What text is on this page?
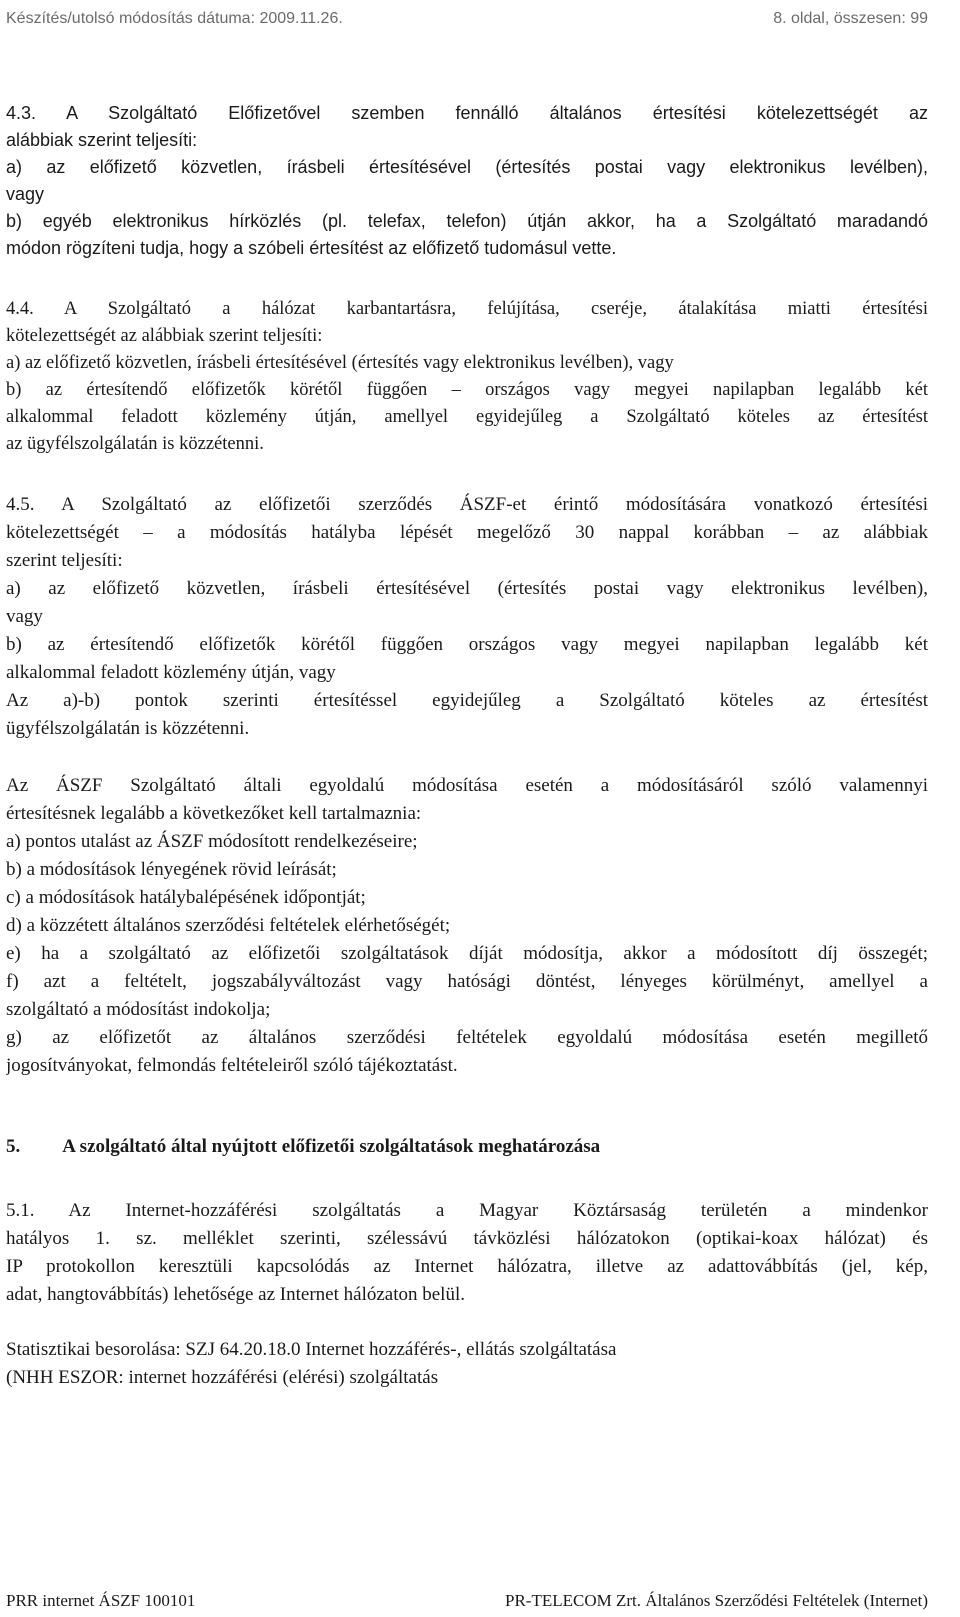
Készítés/utolsó módosítás dátuma: 2009.11.26.	8. oldal, összesen: 99
4.3. A Szolgáltató Előfizetővel szemben fennálló általános értesítési kötelezettségét az
alábbiak szerint teljesíti:
a) az előfizető közvetlen, írásbeli értesítésével (értesítés postai vagy elektronikus levélben),
vagy
b) egyéb elektronikus hírközlés (pl. telefax, telefon) útján akkor, ha a Szolgáltató maradandó
módon rögzíteni tudja, hogy a szóbeli értesítést az előfizető tudomásul vette.
4.4. A Szolgáltató a hálózat karbantartásra, felújítása, cseréje, átalakítása miatti értesítési
kötelezettségét az alábbiak szerint teljesíti:
a) az előfizető közvetlen, írásbeli értesítésével (értesítés vagy elektronikus levélben), vagy
b) az értesítendő előfizetők körétől függően – országos vagy megyei napilapban legalább két
alkalommal feladott közlemény útján, amellyel egyidejűleg a Szolgáltató köteles az értesítést
az ügyfélszolgálatán is közzétenni.
4.5. A Szolgáltató az előfizetői szerződés ÁSZF-et érintő módosítására vonatkozó értesítési
kötelezettségét – a módosítás hatályba lépését megelőző 30 nappal korábban – az alábbiak
szerint teljesíti:
a) az előfizető közvetlen, írásbeli értesítésével (értesítés postai vagy elektronikus levélben),
vagy
b) az értesítendő előfizetők körétől függően országos vagy megyei napilapban legalább két
alkalommal feladott közlemény útján, vagy
Az a)-b) pontok szerinti értesítéssel egyidejűleg a Szolgáltató köteles az értesítést
ügyfélszolgálatán is közzétenni.
Az ÁSZF Szolgáltató általi egyoldalú módosítása esetén a módosításáról szóló valamennyi
értesítésnek legalább a következőket kell tartalmaznia:
a) pontos utalást az ÁSZF módosított rendelkezéseire;
b) a módosítások lényegének rövid leírását;
c) a módosítások hatálybalépésének időpontját;
d) a közzétett általános szerződési feltételek elérhetőségét;
e) ha a szolgáltató az előfizetői szolgáltatások díját módosítja, akkor a módosított díj összegét;
f) azt a feltételt, jogszabályváltozást vagy hatósági döntést, lényeges körülményt, amellyel a
szolgáltató a módosítást indokolja;
g) az előfizetőt az általános szerződési feltételek egyoldalú módosítása esetén megillető
jogosítványokat, felmondás feltételeiről szóló tájékoztatást.
5. A szolgáltató által nyújtott előfizetői szolgáltatások meghatározása
5.1. Az Internet-hozzáférési szolgáltatás a Magyar Köztársaság területén a mindenkor
hatályos 1. sz. melléklet szerinti, szélessávú távközlési hálózatokon (optikai-koax hálózat) és
IP protokollon keresztüli kapcsolódás az Internet hálózatra, illetve az adattovábbítás (jel, kép,
adat, hangtovábbítás) lehetősége az Internet hálózaton belül.
Statisztikai besorolása: SZJ 64.20.18.0 Internet hozzáférés-, ellátás szolgáltatása
(NHH ESZOR: internet hozzáférési (elérési) szolgáltatás
PRR internet ÁSZF 100101	PR-TELECOM Zrt. Általános Szerződési Feltételek (Internet)
